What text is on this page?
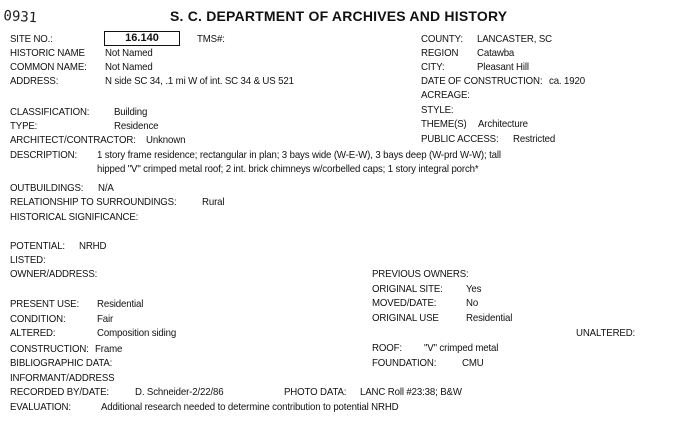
0931	S. C. DEPARTMENT OF ARCHIVES AND HISTORY
SITE NO.:	16.140	TMS#:	COUNTY: LANCASTER, SC
HISTORIC NAME Not Named	REGION Catawba
COMMON NAME: Not Named	CITY:	Pleasant Hill
ADDRESS:	N side SC 34, .1 mi W of int. SC 34 & US 521	DATE OF CONSTRUCTION: ca. 1920
ACREAGE:
STYLE:
CLASSIFICATION: Building
TYPE:	Residence	THEME(S) Architecture
ARCHITECT/CONTRACTOR: Unknown	PUBLIC ACCESS: Restricted
DESCRIPTION: 1 story frame residence; rectangular in plan; 3 bays wide (W-E-W), 3 bays deep (W-prd W-W); tall
hipped "V" crimped metal roof; 2 int. brick chimneys w/corbelled caps; 1 story integral porch*
OUTBUILDINGS: N/A
RELATIONSHIP TO SURROUNDINGS: Rural
HISTORICAL SIGNIFICANCE:
POTENTIAL: NRHD
LISTED:
OWNER/ADDRESS:	PREVIOUS OWNERS:
ORIGINAL SITE: Yes
MOVED/DATE:	No
PRESENT USE: Residential
ORIGINAL USE	Residential
CONDITION:	Fair
ALTERED:	Composition siding	UNALTERED:
CONSTRUCTION: Frame	ROOF: "V" crimped metal
BIBLIOGRAPHIC DATA:	FOUNDATION: CMU
INFORMANT/ADDRESS
RECORDED BY/DATE: D. Schneider-2/22/86	PHOTO DATA: LANC Roll #23:38; B&W
EVALUATION:	Additional research needed to determine contribution to potential NRHD
